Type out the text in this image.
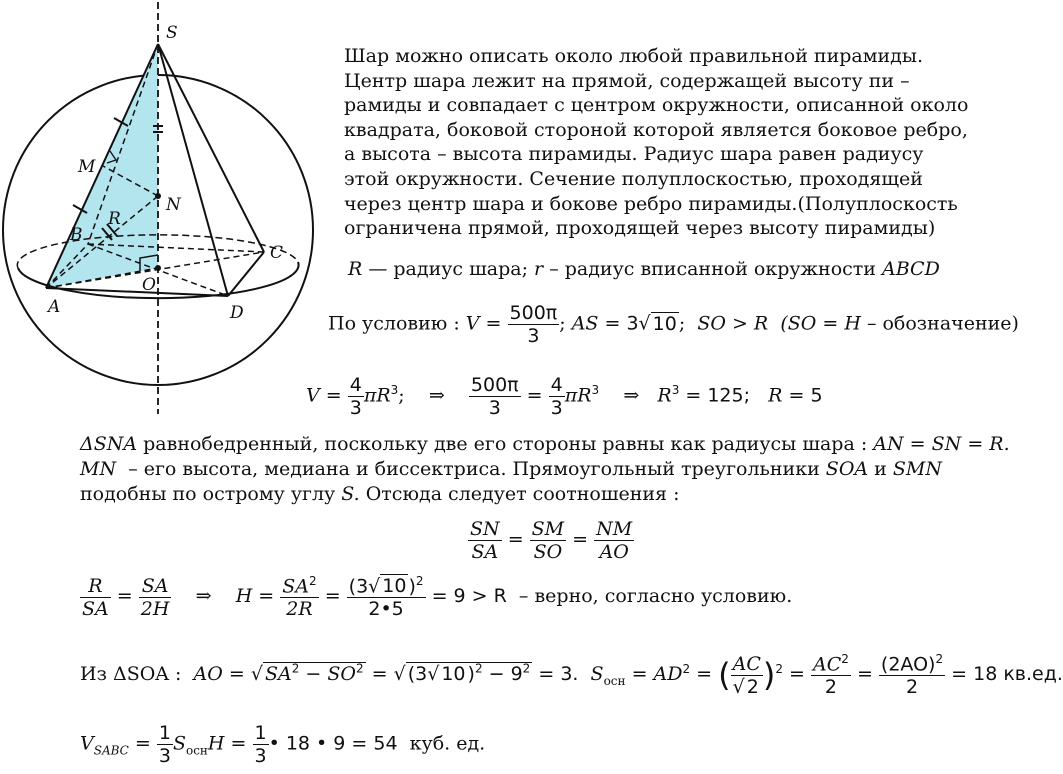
S
M
N
B
R
C
O
A	D
Шар можно описать около любой правильной пирамиды.
Центр шара лежит на прямой, содержащей высоту пи –
рамиды и совпадает с центром окружности, описанной около
квадрата, боковой стороной которой является боковое ребро,
а высота – высота пирамиды. Радиус шара равен радиусу
этой окружности. Сечение полуплоскостью, проходящей
через центр шара и бокове ребро пирамиды.(Полуплоскость
ограничена прямой, проходящей через высоту пирамиды)
R — радиус шара; r – радиус вписанной окружности ABCD
По условию : $V = \frac{500\pi}{3}$ ; AS = 3√ 10 ;  SO > R (SO = H – обозначение)
$V = \frac{4}{3} \pi R^3$;    ⇒ $\frac{500\pi}{3} = \frac{4}{3} \pi R^3$ ⇒ $R^3 = 125$; R = 5
ΔSNA равнобедренный, поскольку две его стороны равны как радиусы шара : AN = SN = R.
MN – его высота, медиана и биссектриса. Прямоугольный треугольники SOA и SMN
подобны по острому углу S. Отсюда следует соотношения :
$\frac{SN}{SA} = \frac{SM}{SO} = \frac{NM}{AO}$
$\frac{R}{SA} = \frac{SA}{2H}$ ⇒ $H = \frac{SA^2}{2R} = \frac{(3√ 10 )^2}{2•5} = 9 > R$ – верно, согласно условию.
Из ΔSOA : AO = √ $SA^2 - SO^2$ = √ (3√ 10 )$^2 - 9^2 = 3$. $S_{осн} = AD^2$ = ( $\frac{AC}{√ 2} )^2 = \frac{AC^2}{2} = \frac{(2AO)^2}{2} = 18$ кв.ед.
$V_{SABC} = \frac{1}{3} S_{осн}H = \frac{1}{3}$ • 18 • 9 = 54 куб. ед.
